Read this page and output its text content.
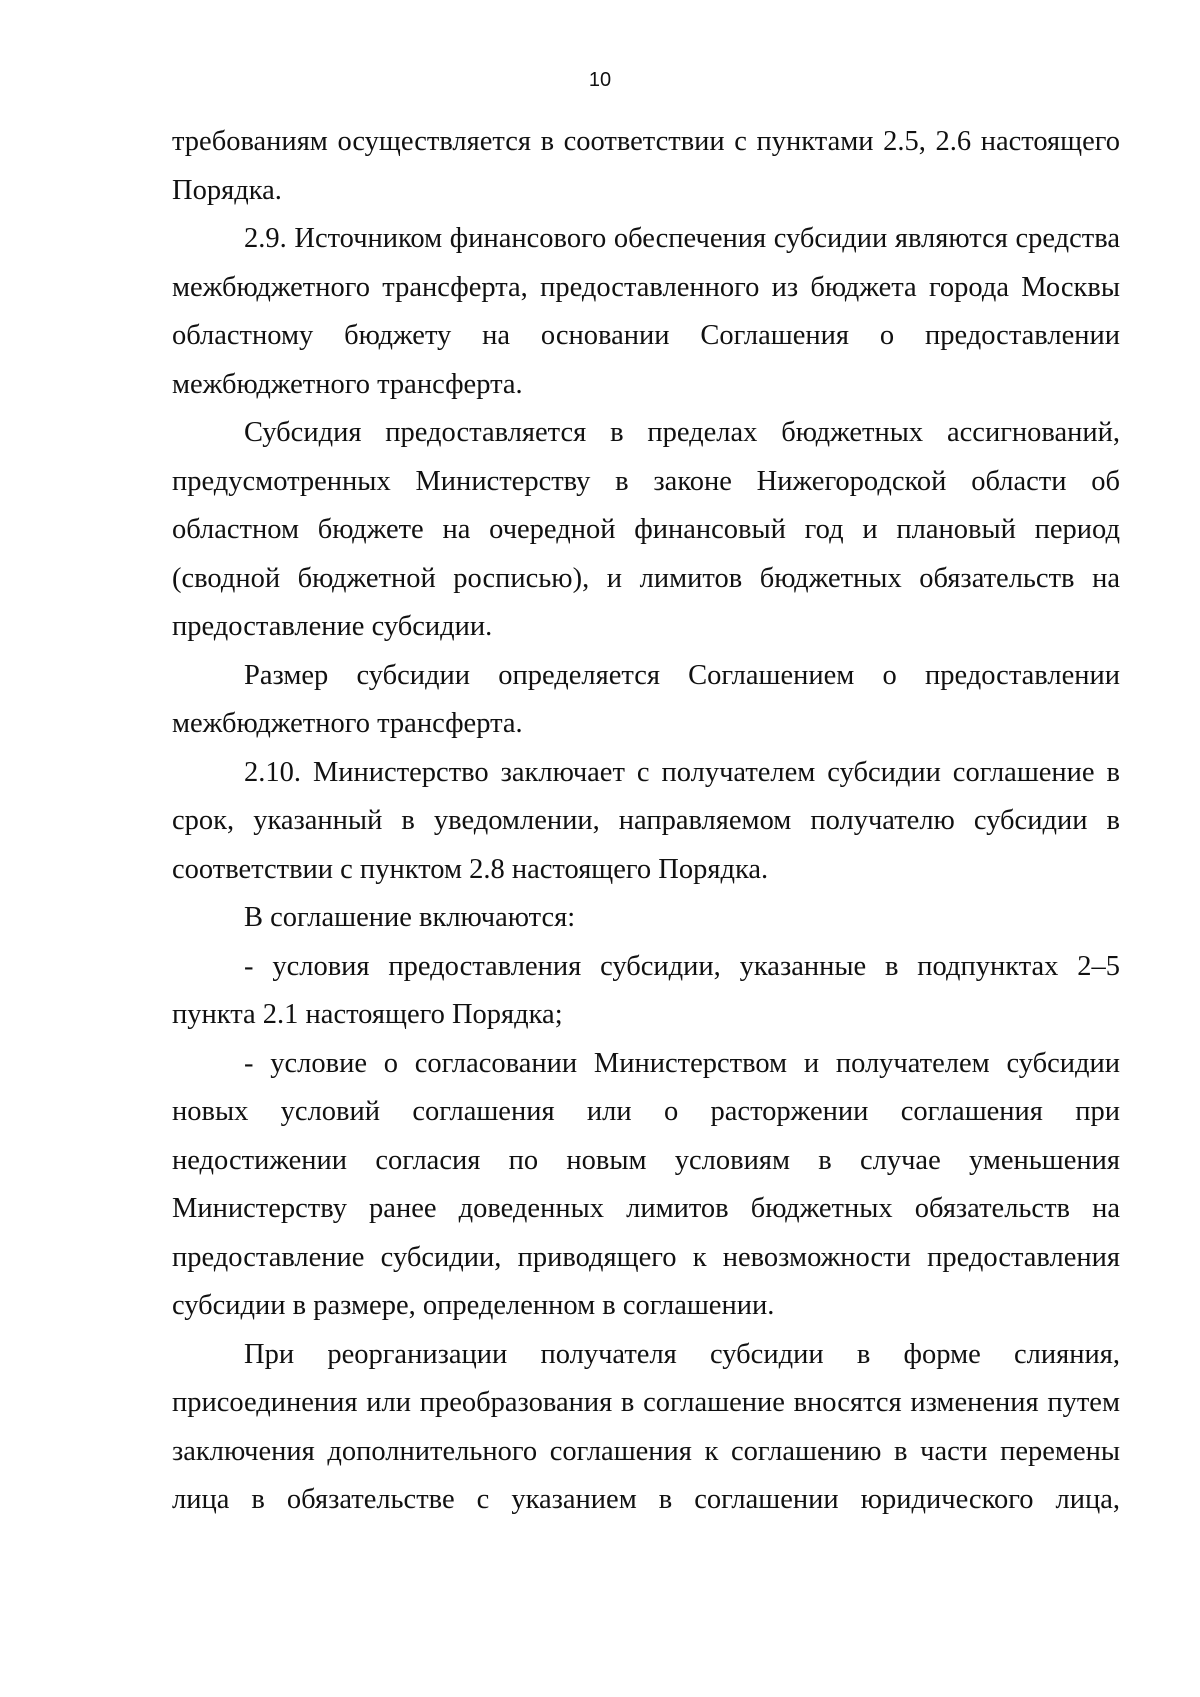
10

требованиям осуществляется в соответствии с пунктами 2.5, 2.6 настоящего Порядка.

2.9. Источником финансового обеспечения субсидии являются средства межбюджетного трансферта, предоставленного из бюджета города Москвы областному бюджету на основании Соглашения о предоставлении межбюджетного трансферта.

Субсидия предоставляется в пределах бюджетных ассигнований, предусмотренных Министерству в законе Нижегородской области об областном бюджете на очередной финансовый год и плановый период (сводной бюджетной росписью), и лимитов бюджетных обязательств на предоставление субсидии.

Размер субсидии определяется Соглашением о предоставлении межбюджетного трансферта.

2.10. Министерство заключает с получателем субсидии соглашение в срок, указанный в уведомлении, направляемом получателю субсидии в соответствии с пунктом 2.8 настоящего Порядка.

В соглашение включаются:

- условия предоставления субсидии, указанные в подпунктах 2–5 пункта 2.1 настоящего Порядка;

- условие о согласовании Министерством и получателем субсидии новых условий соглашения или о расторжении соглашения при недостижении согласия по новым условиям в случае уменьшения Министерству ранее доведенных лимитов бюджетных обязательств на предоставление субсидии, приводящего к невозможности предоставления субсидии в размере, определенном в соглашении.

При реорганизации получателя субсидии в форме слияния, присоединения или преобразования в соглашение вносятся изменения путем заключения дополнительного соглашения к соглашению в части перемены лица в обязательстве с указанием в соглашении юридического лица,
